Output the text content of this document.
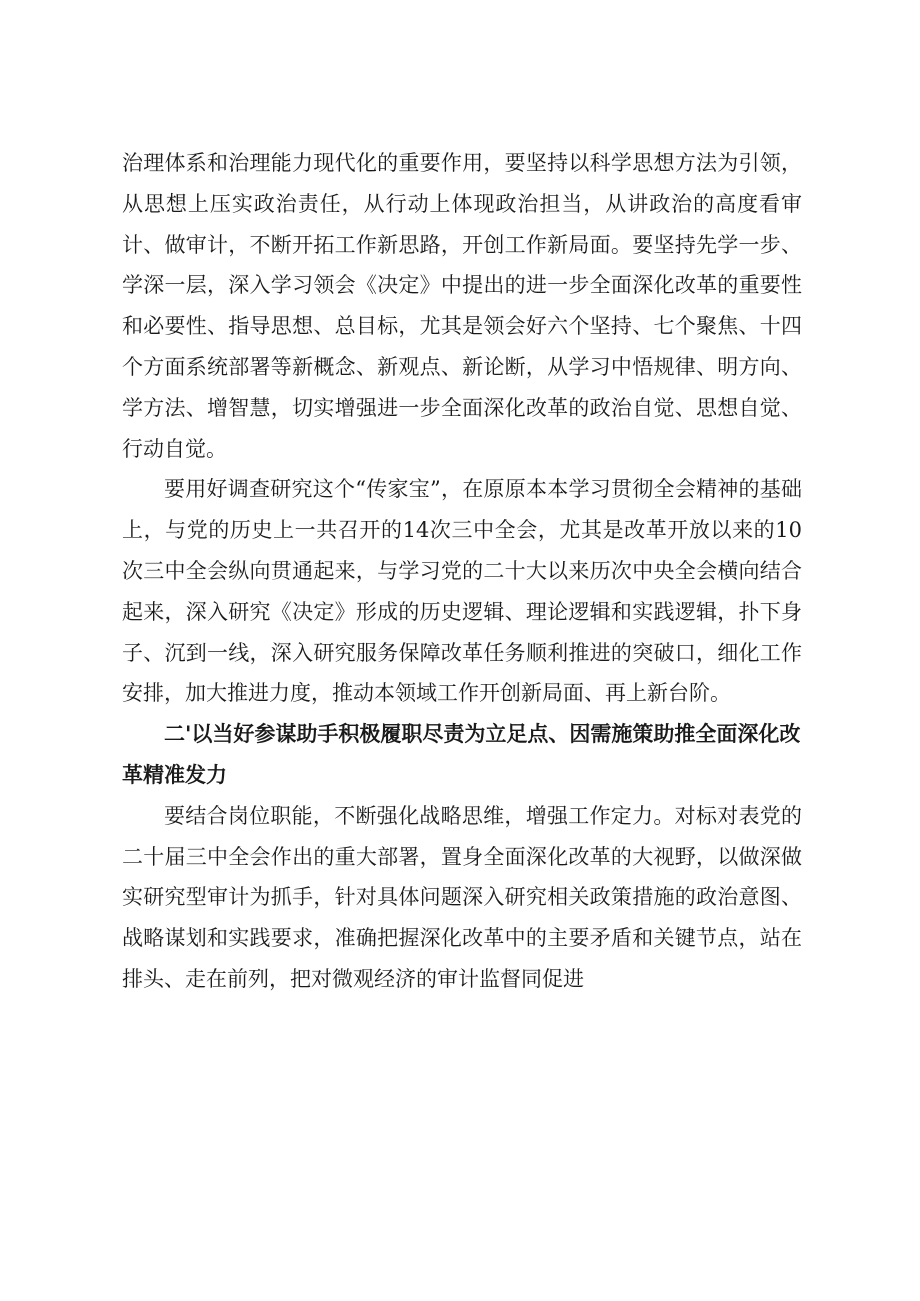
治理体系和治理能力现代化的重要作用，要坚持以科学思想方法为引领，从思想上压实政治责任，从行动上体现政治担当，从讲政治的高度看审计、做审计，不断开拓工作新思路，开创工作新局面。要坚持先学一步、学深一层，深入学习领会《决定》中提出的进一步全面深化改革的重要性和必要性、指导思想、总目标，尤其是领会好六个坚持、七个聚焦、十四个方面系统部署等新概念、新观点、新论断，从学习中悟规律、明方向、学方法、增智慧，切实增强进一步全面深化改革的政治自觉、思想自觉、行动自觉。

要用好调查研究这个“传家宝”，在原原本本学习贯彻全会精神的基础上，与党的历史上一共召开的14次三中全会，尤其是改革开放以来的10次三中全会纵向贯通起来，与学习党的二十大以来历次中央全会横向结合起来，深入研究《决定》形成的历史逻辑、理论逻辑和实践逻辑，扑下身子、沉到一线，深入研究服务保障改革任务顺利推进的突破口，细化工作安排，加大推进力度，推动本领域工作开创新局面、再上新台阶。

二'以当好参谋助手积极履职尽责为立足点、因需施策助推全面深化改革精准发力

要结合岗位职能，不断强化战略思维，增强工作定力。对标对表党的二十届三中全会作出的重大部署，置身全面深化改革的大视野，以做深做实研究型审计为抓手，针对具体问题深入研究相关政策措施的政治意图、战略谋划和实践要求，准确把握深化改革中的主要矛盾和关键节点，站在排头、走在前列，把对微观经济的审计监督同促进
